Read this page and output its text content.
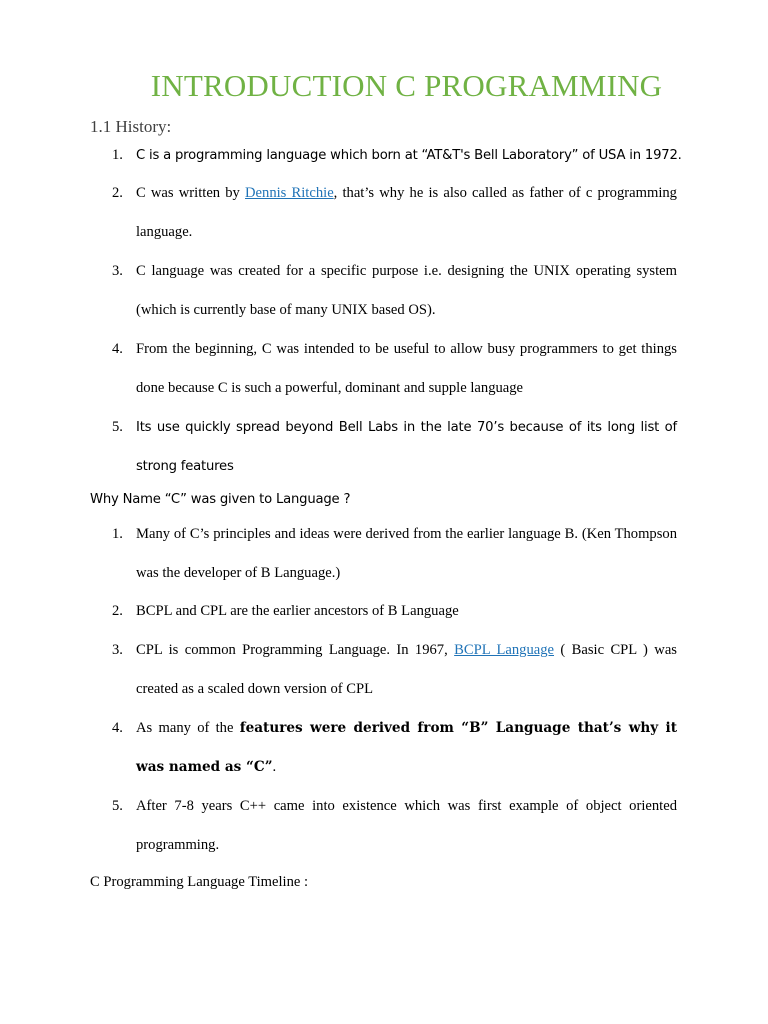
INTRODUCTION C PROGRAMMING
1.1 History:
1. C is a programming language which born at “AT&T's Bell Laboratory” of USA in 1972.
2. C was written by Dennis Ritchie, that’s why he is also called as father of c programming language.
3. C language was created for a specific purpose i.e. designing the UNIX operating system (which is currently base of many UNIX based OS).
4. From the beginning, C was intended to be useful to allow busy programmers to get things done because C is such a powerful, dominant and supple language
5. Its use quickly spread beyond Bell Labs in the late 70’s because of its long list of strong features
Why Name “C” was given to Language ?
1. Many of C’s principles and ideas were derived from the earlier language B. (Ken Thompson was the developer of B Language.)
2. BCPL and CPL are the earlier ancestors of B Language
3. CPL is common Programming Language. In 1967, BCPL Language ( Basic CPL ) was created as a scaled down version of CPL
4. As many of the features were derived from “B” Language that’s why it was named as “C”.
5. After 7-8 years C++ came into existence which was first example of object oriented programming.
C Programming Language Timeline :
